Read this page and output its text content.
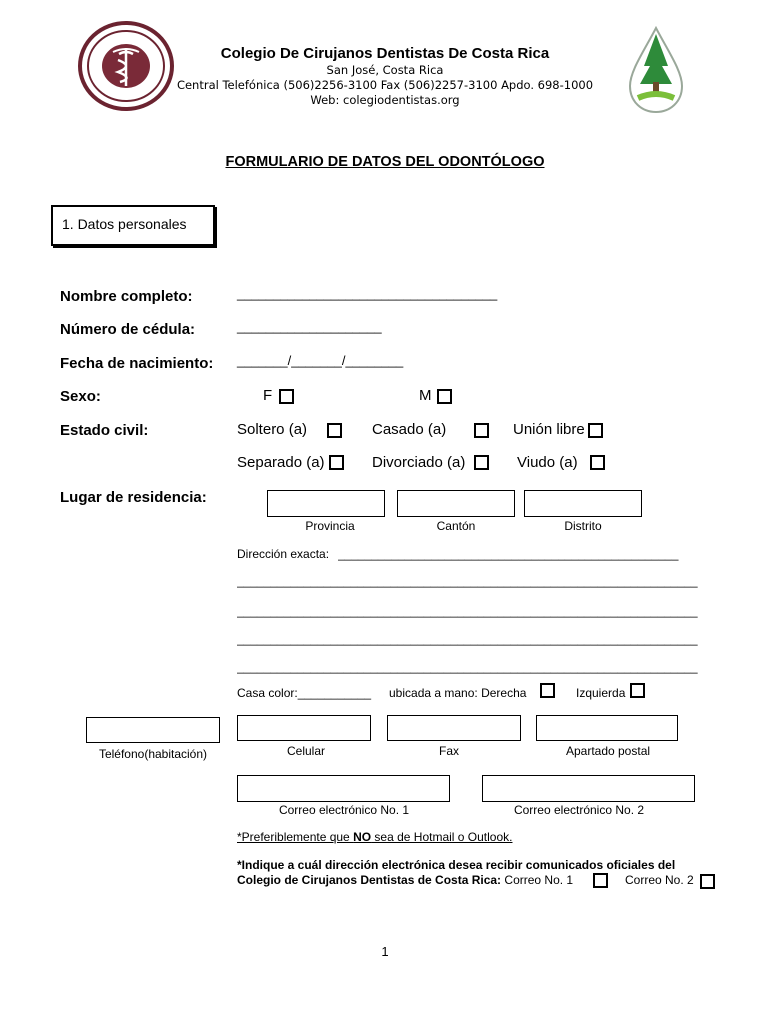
Colegio De Cirujanos Dentistas De Costa Rica
San José, Costa Rica
Central Telefónica (506)2256-3100 Fax (506)2257-3100 Apdo. 698-1000
Web: colegiodentistas.org
FORMULARIO DE DATOS DEL ODONTÓLOGO
1. Datos personales
Nombre completo:	____________________________________
Número de cédula:	____________________
Fecha de nacimiento: _______/_______/________
Sexo:	F	M
Estado civil:	Soltero (a)	Casado (a)	Unión libre
Separado (a)	Divorciado (a)	Viudo (a)
Lugar de residencia:
Provincia	Cantón	Distrito
Dirección exacta: ___________________________________________________
_____________________________________________________________________
_____________________________________________________________________
_____________________________________________________________________
_____________________________________________________________________
Casa color:___________ ubicada a mano: Derecha	Izquierda
Teléfono(habitación)	Celular	Fax	Apartado postal
Correo electrónico No. 1	Correo electrónico No. 2
*Preferiblemente que NO sea de Hotmail o Outlook.
*Indique a cuál dirección electrónica desea recibir comunicados oficiales del
Colegio de Cirujanos Dentistas de Costa Rica: Correo No. 1	Correo No. 2
1
